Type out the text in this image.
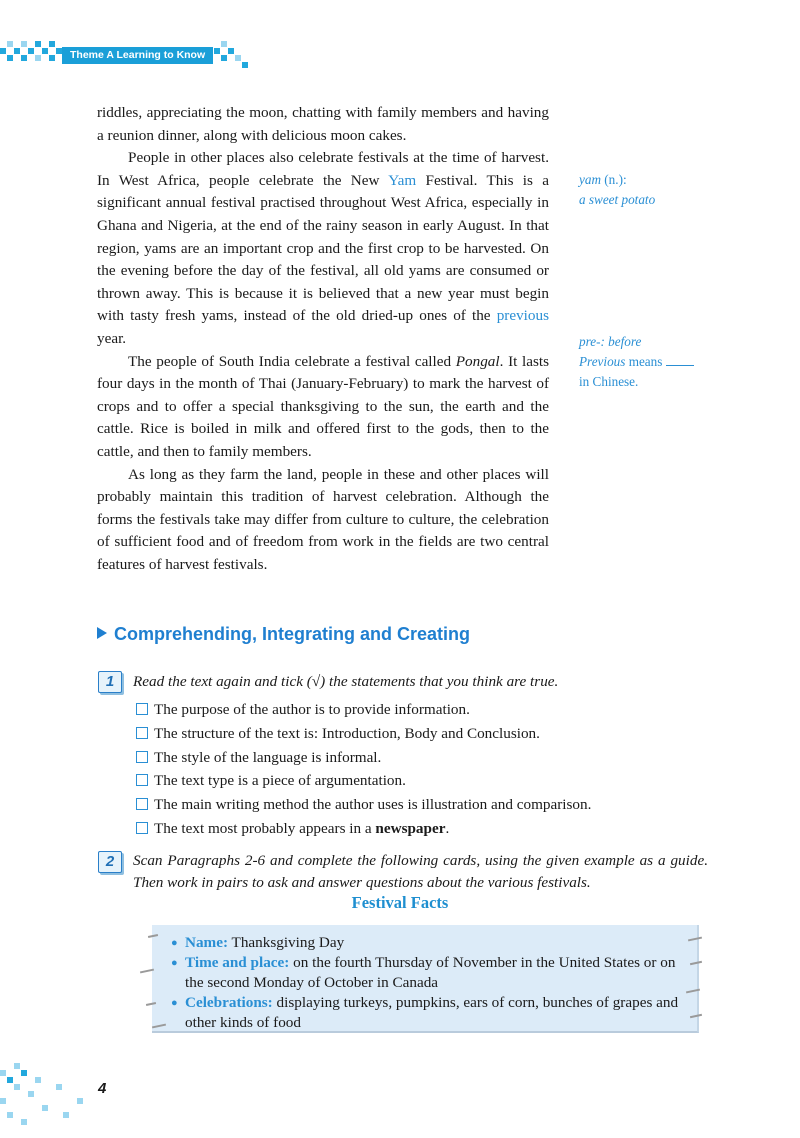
Theme A Learning to Know

riddles, appreciating the moon, chatting with family members and having a reunion dinner, along with delicious moon cakes.

People in other places also celebrate festivals at the time of harvest. In West Africa, people celebrate the New Yam Festival. This is a significant annual festival practised throughout West Africa, especially in Ghana and Nigeria, at the end of the rainy season in early August. In that region, yams are an important crop and the first crop to be harvested. On the evening before the day of the festival, all old yams are consumed or thrown away. This is because it is believed that a new year must begin with tasty fresh yams, instead of the old dried-up ones of the previous year.

The people of South India celebrate a festival called Pongal. It lasts four days in the month of Thai (January-February) to mark the harvest of crops and to offer a special thanksgiving to the sun, the earth and the cattle. Rice is boiled in milk and offered first to the gods, then to the cattle, and then to family members.

As long as they farm the land, people in these and other places will probably maintain this tradition of harvest celebration. Although the forms the festivals take may differ from culture to culture, the celebration of sufficient food and of freedom from work in the fields are two central features of harvest festivals.

yam (n.):
a sweet potato
pre-: before
Previous means
in Chinese.
Comprehending, Integrating and Creating
1	Read the text again and tick (√) the statements that you think are true.
The purpose of the author is to provide information.
The structure of the text is: Introduction, Body and Conclusion.
The style of the language is informal.
The text type is a piece of argumentation.
The main writing method the author uses is illustration and comparison.
The text most probably appears in a newspaper.
2	Scan Paragraphs 2-6 and complete the following cards, using the given example as a guide. Then work in pairs to ask and answer questions about the various festivals.
Festival Facts
● Name: Thanksgiving Day
● Time and place: on the fourth Thursday of November in the United States or on the second Monday of October in Canada
● Celebrations: displaying turkeys, pumpkins, ears of corn, bunches of grapes and other kinds of food
4
